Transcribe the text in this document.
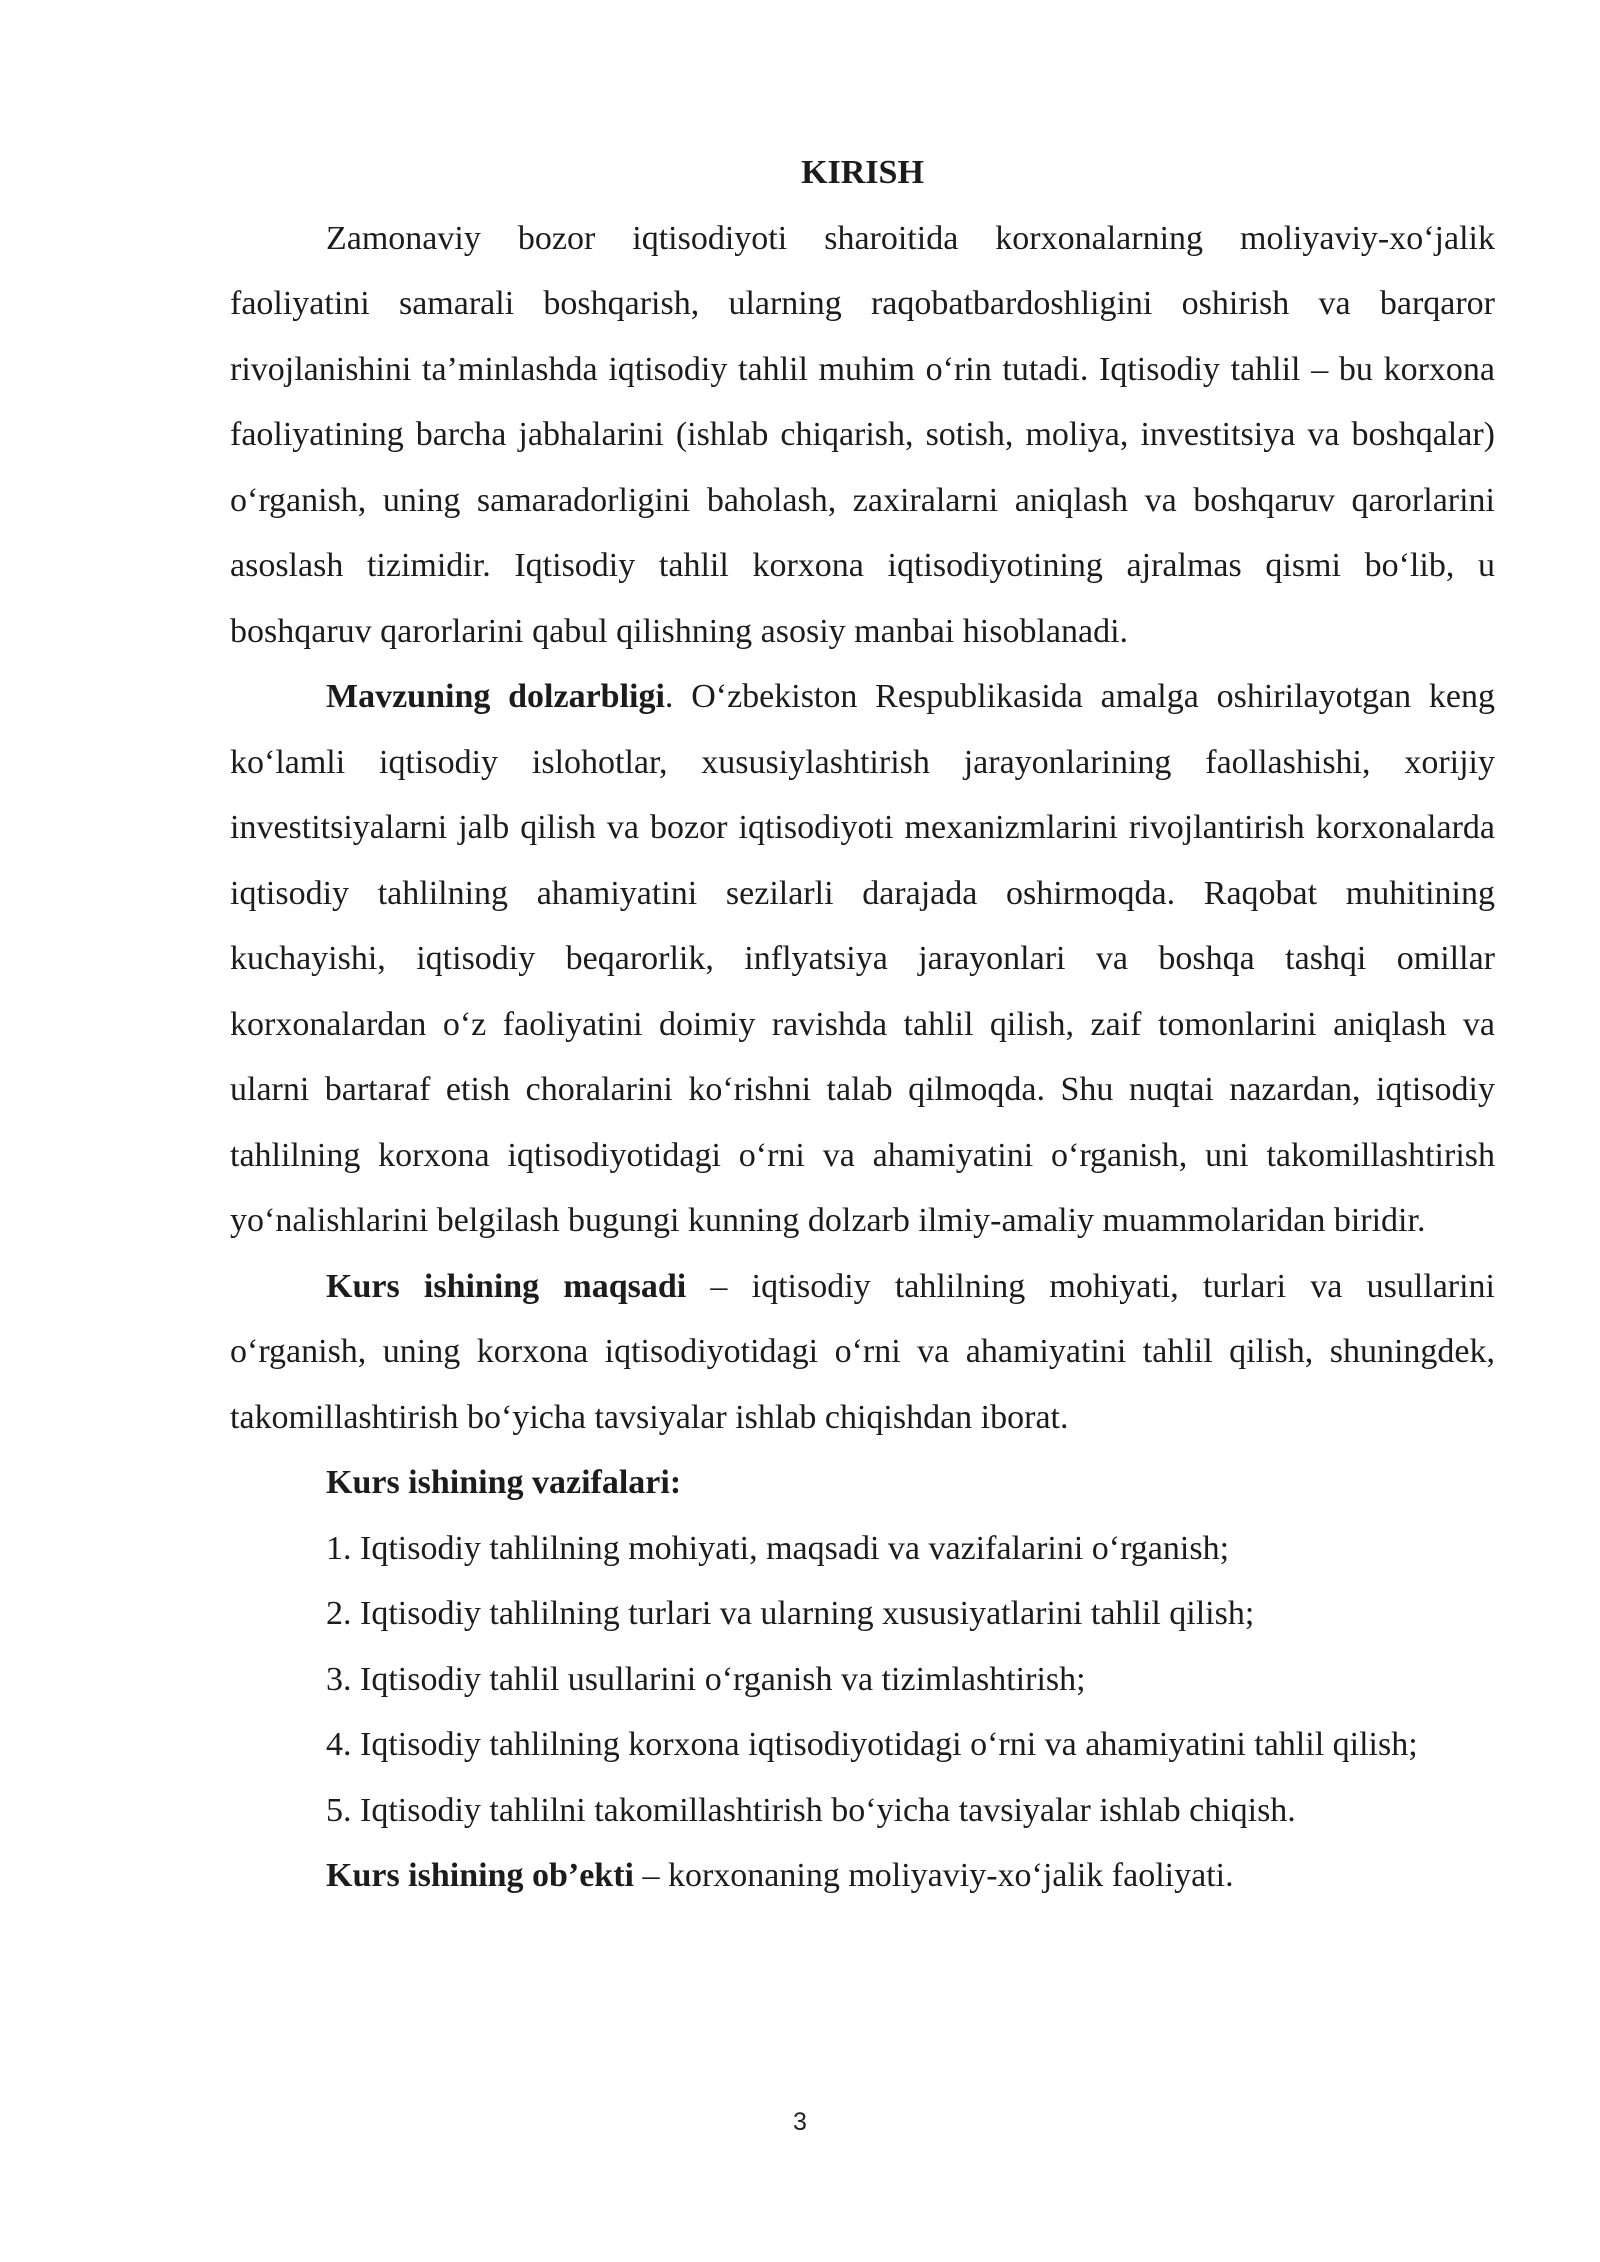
KIRISH

Zamonaviy bozor iqtisodiyoti sharoitida korxonalarning moliyaviy-xo‘jalik faoliyatini samarali boshqarish, ularning raqobatbardoshligini oshirish va barqaror rivojlanishini ta’minlashda iqtisodiy tahlil muhim o‘rin tutadi. Iqtisodiy tahlil – bu korxona faoliyatining barcha jabhalarini (ishlab chiqarish, sotish, moliya, investitsiya va boshqalar) o‘rganish, uning samaradorligini baholash, zaxiralarni aniqlash va boshqaruv qarorlarini asoslash tizimidir. Iqtisodiy tahlil korxona iqtisodiyotining ajralmas qismi bo‘lib, u boshqaruv qarorlarini qabul qilishning asosiy manbai hisoblanadi.

Mavzuning dolzarbligi. O‘zbekiston Respublikasida amalga oshirilayotgan keng ko‘lamli iqtisodiy islohotlar, xususiylashtirish jarayonlarining faollashishi, xorijiy investitsiyalarni jalb qilish va bozor iqtisodiyoti mexanizmlarini rivojlantirish korxonalarda iqtisodiy tahlilning ahamiyatini sezilarli darajada oshirmoqda. Raqobat muhitining kuchayishi, iqtisodiy beqarorlik, inflyatsiya jarayonlari va boshqa tashqi omillar korxonalardan o‘z faoliyatini doimiy ravishda tahlil qilish, zaif tomonlarini aniqlash va ularni bartaraf etish choralarini ko‘rishni talab qilmoqda. Shu nuqtai nazardan, iqtisodiy tahlilning korxona iqtisodiyotidagi o‘rni va ahamiyatini o‘rganish, uni takomillashtirish yo‘nalishlarini belgilash bugungi kunning dolzarb ilmiy-amaliy muammolaridan biridir.

Kurs ishining maqsadi – iqtisodiy tahlilning mohiyati, turlari va usullarini o‘rganish, uning korxona iqtisodiyotidagi o‘rni va ahamiyatini tahlil qilish, shuningdek, takomillashtirish bo‘yicha tavsiyalar ishlab chiqishdan iborat.

Kurs ishining vazifalari:

1. Iqtisodiy tahlilning mohiyati, maqsadi va vazifalarini o‘rganish;

2. Iqtisodiy tahlilning turlari va ularning xususiyatlarini tahlil qilish;

3. Iqtisodiy tahlil usullarini o‘rganish va tizimlashtirish;

4. Iqtisodiy tahlilning korxona iqtisodiyotidagi o‘rni va ahamiyatini tahlil qilish;

5. Iqtisodiy tahlilni takomillashtirish bo‘yicha tavsiyalar ishlab chiqish.

Kurs ishining ob’ekti – korxonaning moliyaviy-xo‘jalik faoliyati.

3
